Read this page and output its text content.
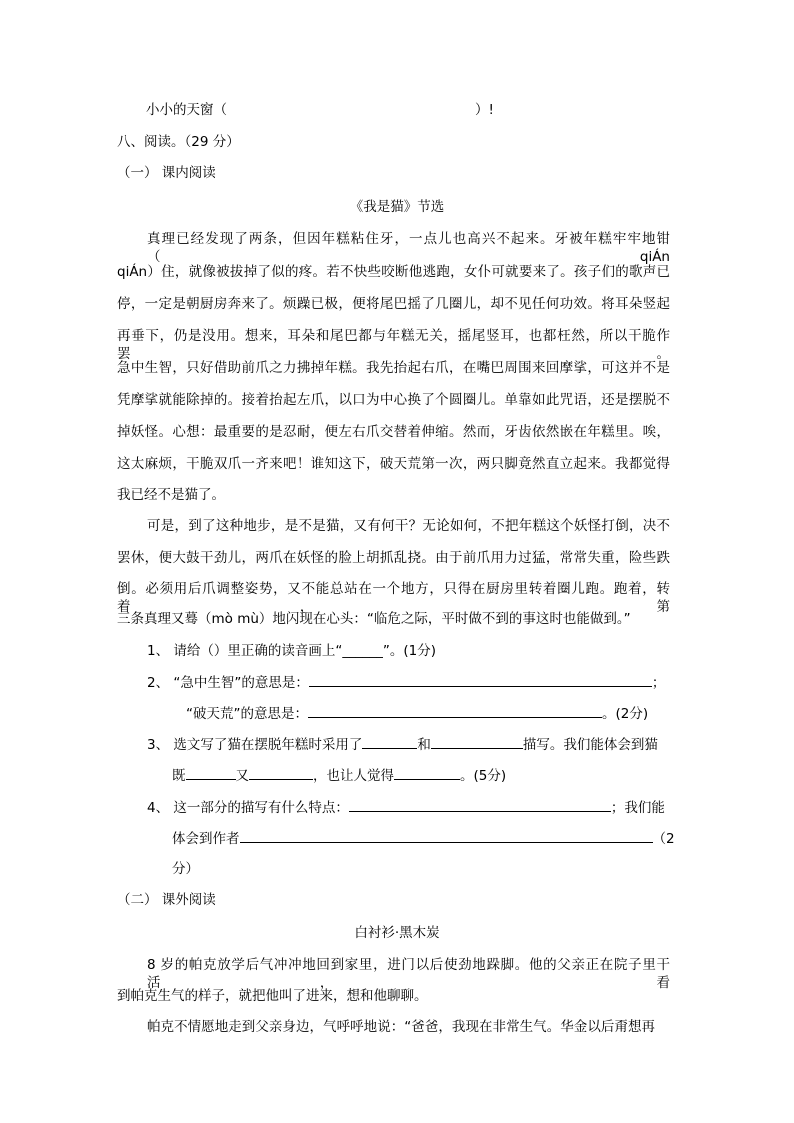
小小的天窗（	）!
八、阅读。（29 分）
（一） 课内阅读
《我是猫》节选
真理已经发现了两条，但因年糕粘住牙，一点儿也高兴不起来。牙被年糕牢牢地钳（qiÁn
qiÁn）住，就像被拔掉了似的疼。若不快些咬断他逃跑，女仆可就要来了。孩子们的歌声已
停，一定是朝厨房奔来了。烦躁已极，便将尾巴摇了几圈儿，却不见任何功效。将耳朵竖起
再垂下，仍是没用。想来，耳朵和尾巴都与年糕无关，摇尾竖耳，也都枉然，所以干脆作罢。
急中生智，只好借助前爪之力拂掉年糕。我先抬起右爪，在嘴巴周围来回摩挲，可这并不是
凭摩挲就能除掉的。接着抬起左爪，以口为中心换了个圆圈儿。单靠如此咒语，还是摆脱不
掉妖怪。心想：最重要的是忍耐，便左右爪交替着伸缩。然而，牙齿依然嵌在年糕里。唉，
这太麻烦，干脆双爪一齐来吧！谁知这下，破天荒第一次，两只脚竟然直立起来。我都觉得
我已经不是猫了。
可是，到了这种地步，是不是猫，又有何干？无论如何，不把年糕这个妖怪打倒，决不
罢休，便大鼓干劲儿，两爪在妖怪的脸上胡抓乱挠。由于前爪用力过猛，常常失重，险些跌
倒。必须用后爪调整姿势，又不能总站在一个地方，只得在厨房里转着圈儿跑。跑着，转着， 第
三条真理又蓦（mò mù）地闪现在心头：“临危之际，平时做不到的事这时也能做到。”
1、 请给（）里正确的读音画上“______”。(1分)
2、 “急中生智”的意思是：	；
“破天荒”的意思是：	。(2分)
3、 选文写了猫在摆脱年糕时采用了	和	描写。我们能体会到猫
既	又	，也让人觉得	。(5分)
4、 这一部分的描写有什么特点：	；我们能
体会到作者	（2
分）
（二） 课外阅读
白衬衫·黑木炭
8 岁的帕克放学后气冲冲地回到家里，进门以后使劲地跺脚。他的父亲正在院子里干活， 看
到帕克生气的样子，就把他叫了进来，想和他聊聊。
帕克不情愿地走到父亲身边，气呼呼地说：“爸爸，我现在非常生气。华金以后甭想再
